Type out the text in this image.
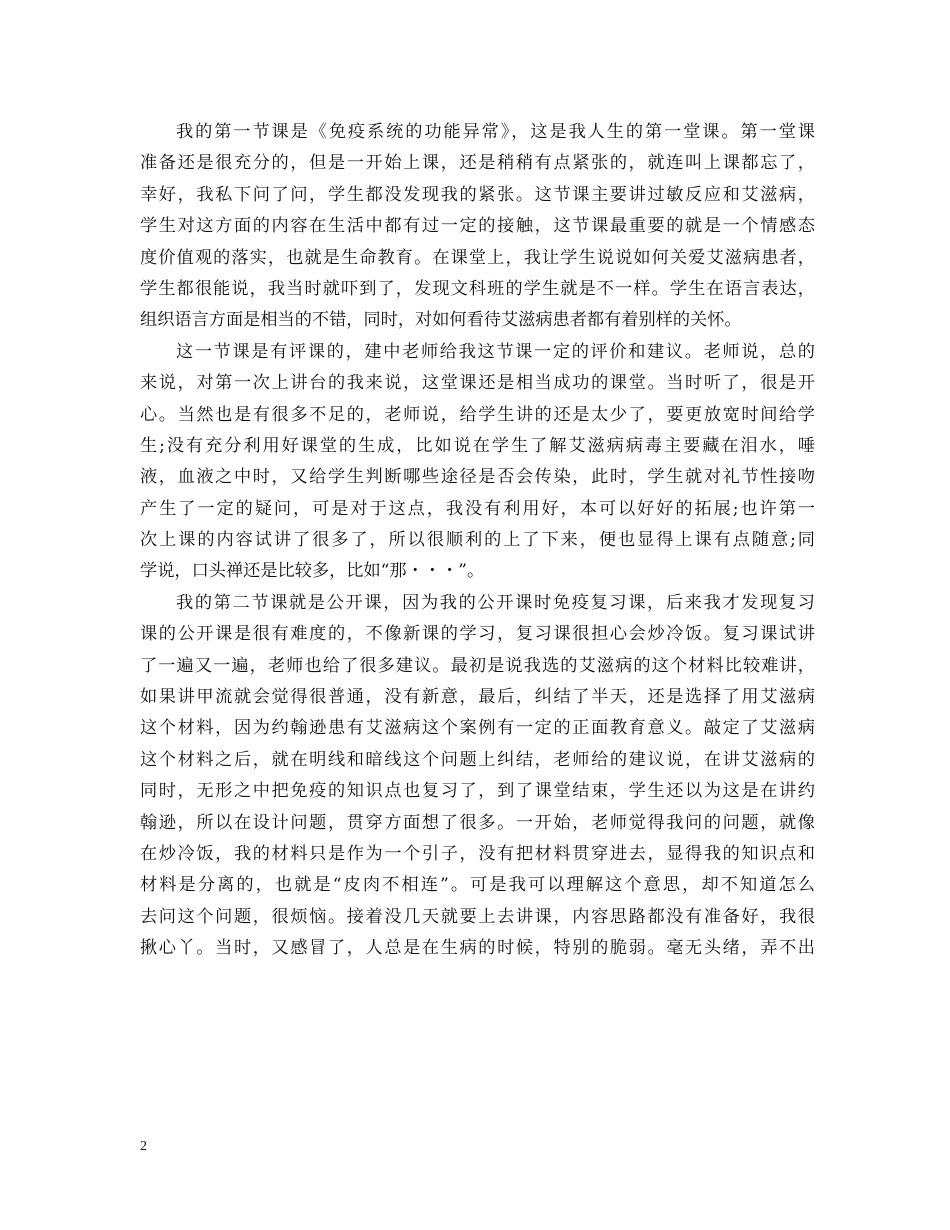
我的第一节课是《免疫系统的功能异常》，这是我人生的第一堂课。第一堂课
准备还是很充分的，但是一开始上课，还是稍稍有点紧张的，就连叫上课都忘了，
幸好，我私下问了问，学生都没发现我的紧张。这节课主要讲过敏反应和艾滋病，
学生对这方面的内容在生活中都有过一定的接触，这节课最重要的就是一个情感态
度价值观的落实，也就是生命教育。在课堂上，我让学生说说如何关爱艾滋病患者，
学生都很能说，我当时就吓到了，发现文科班的学生就是不一样。学生在语言表达，
组织语言方面是相当的不错，同时，对如何看待艾滋病患者都有着别样的关怀。
这一节课是有评课的，建中老师给我这节课一定的评价和建议。老师说，总的
来说，对第一次上讲台的我来说，这堂课还是相当成功的课堂。当时听了，很是开
心。当然也是有很多不足的，老师说，给学生讲的还是太少了，要更放宽时间给学
生;没有充分利用好课堂的生成，比如说在学生了解艾滋病病毒主要藏在泪水，唾
液，血液之中时，又给学生判断哪些途径是否会传染，此时，学生就对礼节性接吻
产生了一定的疑问，可是对于这点，我没有利用好，本可以好好的拓展;也许第一
次上课的内容试讲了很多了，所以很顺利的上了下来，便也显得上课有点随意;同
学说，口头禅还是比较多，比如“那・・・”。
我的第二节课就是公开课，因为我的公开课时免疫复习课，后来我才发现复习
课的公开课是很有难度的，不像新课的学习，复习课很担心会炒冷饭。复习课试讲
了一遍又一遍，老师也给了很多建议。最初是说我选的艾滋病的这个材料比较难讲，
如果讲甲流就会觉得很普通，没有新意，最后，纠结了半天，还是选择了用艾滋病
这个材料，因为约翰逊患有艾滋病这个案例有一定的正面教育意义。敲定了艾滋病
这个材料之后，就在明线和暗线这个问题上纠结，老师给的建议说，在讲艾滋病的
同时，无形之中把免疫的知识点也复习了，到了课堂结束，学生还以为这是在讲约
翰逊，所以在设计问题，贯穿方面想了很多。一开始，老师觉得我问的问题，就像
在炒冷饭，我的材料只是作为一个引子，没有把材料贯穿进去，显得我的知识点和
材料是分离的，也就是“皮肉不相连”。可是我可以理解这个意思，却不知道怎么
去问这个问题，很烦恼。接着没几天就要上去讲课，内容思路都没有准备好，我很
揪心丫。当时，又感冒了，人总是在生病的时候，特别的脆弱。毫无头绪，弄不出
2
